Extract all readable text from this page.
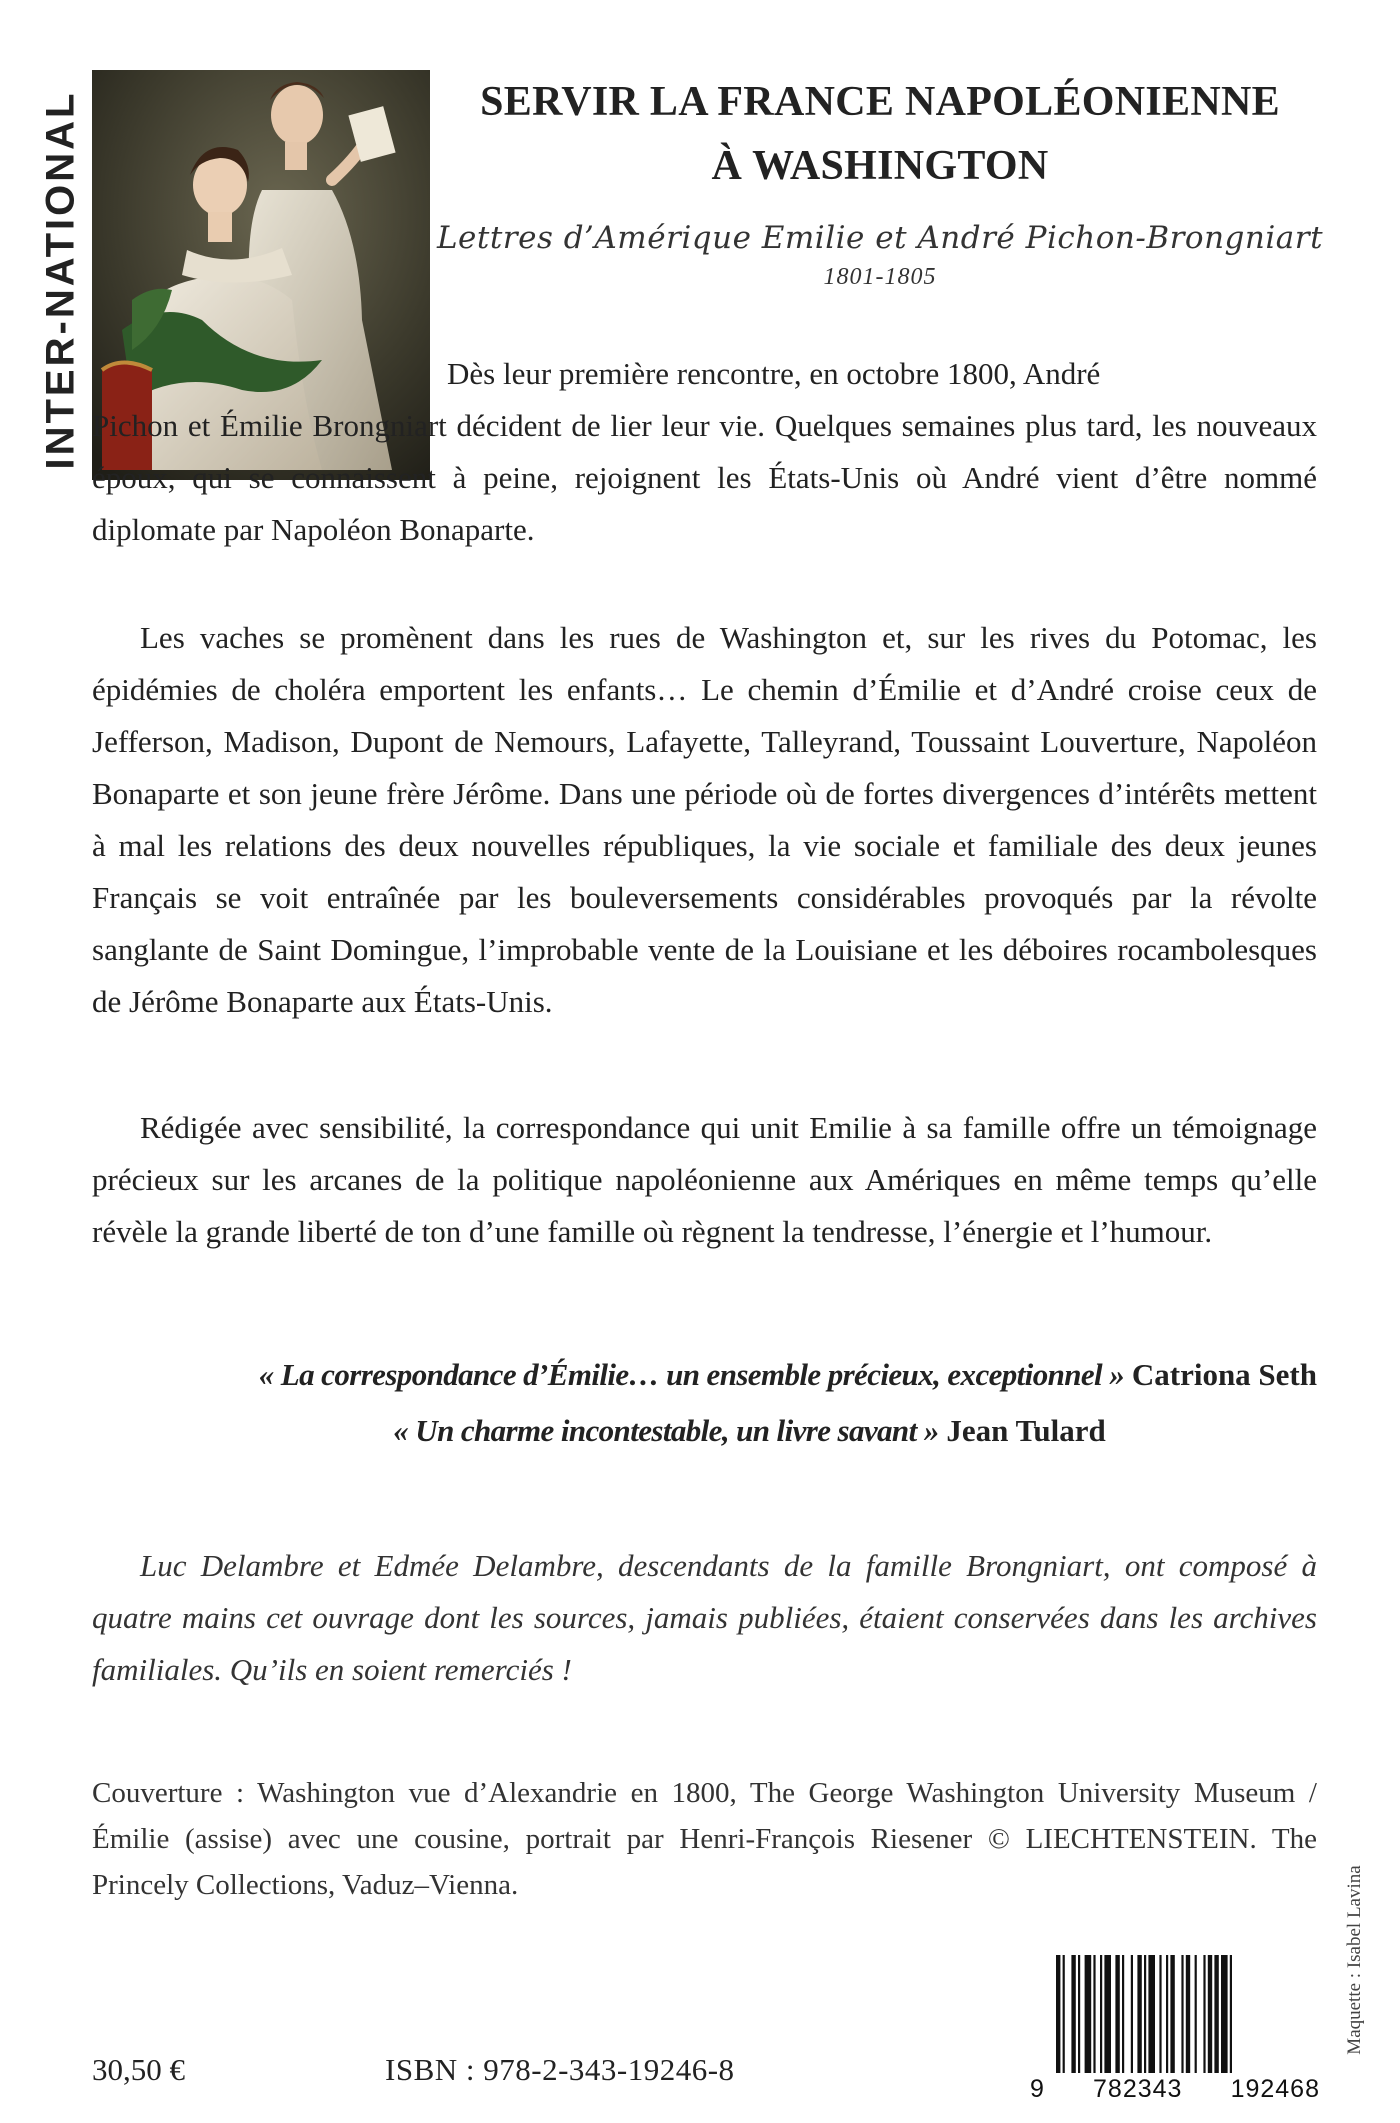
INTER-NATIONAL	SERVIR LA FRANCE NAPOLÉONIENNE
À WASHINGTON
Lettres d’Amérique Emilie et André Pichon-Brongniart
1801-1805

Dès leur première rencontre, en octobre 1800, André
Pichon et Émilie Brongniart décident de lier leur vie. Quelques semaines plus tard, les nouveaux époux, qui se connaissent à peine, rejoignent les États-Unis où André vient d’être nommé diplomate par Napoléon Bonaparte.

Les vaches se promènent dans les rues de Washington et, sur les rives du Potomac, les épidémies de choléra emportent les enfants… Le chemin d’Émilie et d’André croise ceux de Jefferson, Madison, Dupont de Nemours, Lafayette, Talleyrand, Toussaint Louverture, Napoléon Bonaparte et son jeune frère Jérôme. Dans une période où de fortes divergences d’intérêts mettent à mal les relations des deux nouvelles républiques, la vie sociale et familiale des deux jeunes Français se voit entraînée par les bouleversements considérables provoqués par la révolte sanglante de Saint Domingue, l’improbable vente de la Louisiane et les déboires rocambolesques de Jérôme Bonaparte aux États-Unis.

Rédigée avec sensibilité, la correspondance qui unit Emilie à sa famille offre un témoignage précieux sur les arcanes de la politique napoléonienne aux Amériques en même temps qu’elle révèle la grande liberté de ton d’une famille où règnent la tendresse, l’énergie et l’humour.

« La correspondance d’Émilie… un ensemble précieux, exceptionnel » Catriona Seth
« Un charme incontestable, un livre savant » Jean Tulard
Luc Delambre et Edmée Delambre, descendants de la famille Brongniart, ont composé à quatre mains cet ouvrage dont les sources, jamais publiées, étaient conservées dans les archives familiales. Qu’ils en soient remerciés !
Couverture : Washington vue d’Alexandrie en 1800, The George Washington University Museum / Émilie (assise) avec une cousine, portrait par Henri-François Riesener © LIECHTENSTEIN. The Princely Collections, Vaduz–Vienna.	Maquette : Isabel Lavina
9 782343 192468
30,50 €	ISBN : 978-2-343-19246-8
